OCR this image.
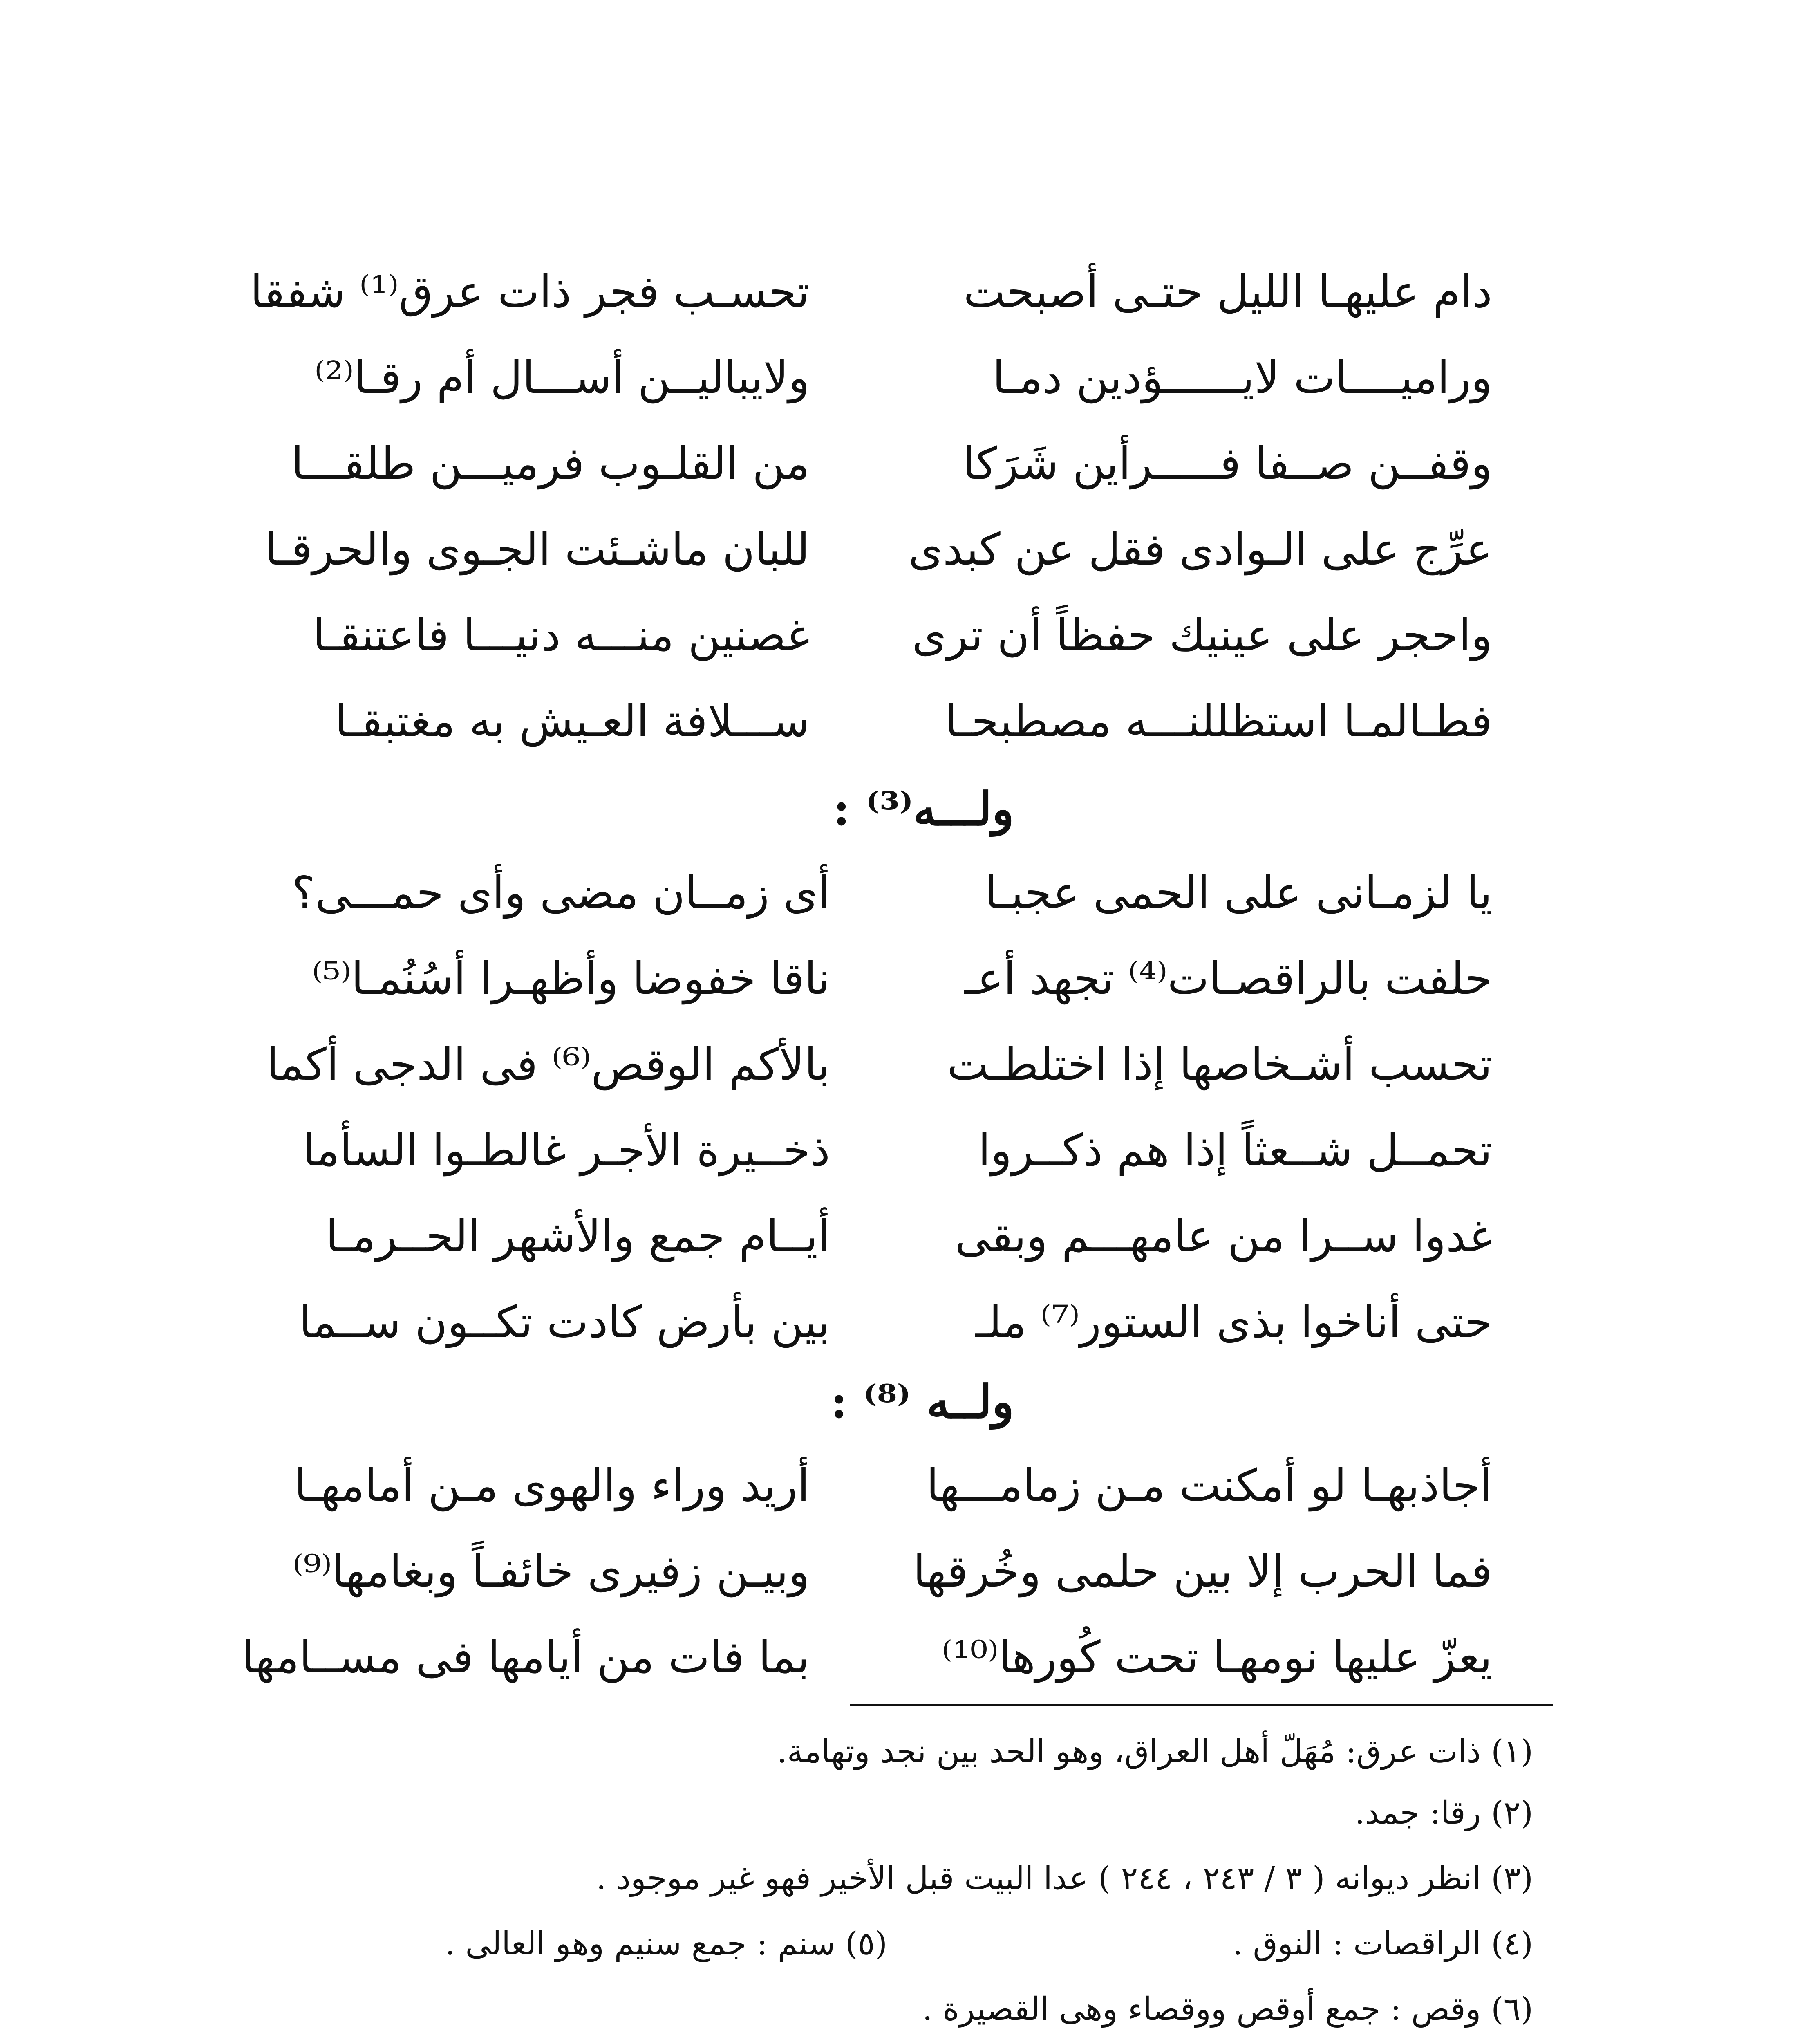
دام عليهـا الليل حتـى أصبحت
تحسـب فجر ذات عرق⁽¹⁾ شفقا
وراميــــات لايــــــؤدين دمـا
ولايباليــن أســـال أم رقـا⁽²⁾
وقفــن صــفا فـــــرأين شَرَكا
من القلـوب فرميـــن طلقـــا
عرِّج على الـوادى فقل عن كبدى
للبان ماشـئت الجـوى والحرقـا
واحجر على عينيك حفظاً أن ترى
غصنين منـــه دنيـــا فاعتنقـا
فطـالمـا استظللنـــه مصطبحـا
ســـلافة العـيش به مغتبقـا
ولـــه⁽³⁾ :
يا لزمـانى على الحمى عجبـا
أى زمــان مضى وأى حمـــى؟
حلفت بالراقصـات⁽⁴⁾ تجهد أعـ
ناقا خفوضا وأظهـرا أسُنُمـا⁽⁵⁾
تحسب أشـخاصها إذا اختلطـت
بالأكم الوقص⁽⁶⁾ فى الدجى أكما
تحمــل شــعثاً إذا هم ذكــروا
ذخــيرة الأجـر غالطـوا السأما
غدوا ســرا من عامهـــم وبقى
أيــام جمع والأشهر الحــرمـا
حتى أناخوا بذى الستور⁽⁷⁾ ملـ
بين بأرض كادت تكــون ســما
ولــه ⁽⁸⁾ :
أجاذبهـا لو أمكنت مـن زمامـــها
أريد وراء والهوى مـن أمامهـا
فما الحرب إلا بين حلمى وخُرقها
وبيـن زفيرى خائفـاً وبغامها⁽⁹⁾
يعزّ عليها نومهـا تحت كُورها⁽¹⁰⁾
بما فات من أيامها فى مســامها
(١) ذات عرق: مُهَلّ أهل العراق، وهو الحد بين نجد وتهامة.
(٢) رقا: جمد.
(٣) انظر ديوانه ( ٣ / ٢٤٣ ، ٢٤٤ ) عدا البيت قبل الأخير فهو غير موجود .
(٤) الراقصات : النوق .
(٥) سنم : جمع سنيم وهو العالى .
(٦) وقص : جمع أوقص ووقصاء وهى القصيرة .
